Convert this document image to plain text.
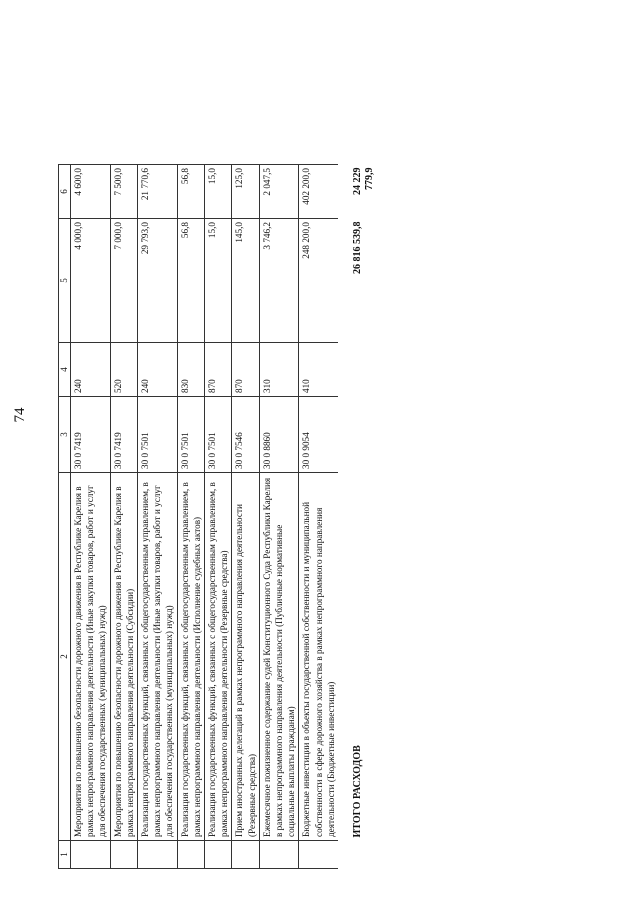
74
1	2	3	4	5	6
	Мероприятия по повышению безопасности дорожного движения в Республике Карелия в рамках непрограммного направления деятельности (Иные закупки товаров, работ и услуг для обеспечения государственных (муниципальных) нужд)	30 0 7419	240	4 000,0	4 600,0
	Мероприятия по повышению безопасности дорожного движения в Республике Карелия в рамках непрограммного направления деятельности (Субсидии)	30 0 7419	520	7 000,0	7 500,0
	Реализация государственных функций, связанных с общегосударственным управлением, в рамках непрограммного направления деятельности (Иные закупки товаров, работ и услуг для обеспечения государственных (муниципальных) нужд)	30 0 7501	240	29 793,0	21 770,6
	Реализация государственных функций, связанных с общегосударственным управлением, в рамках непрограммного направления деятельности (Исполнение судебных актов)	30 0 7501	830	56,8	56,8
	Реализация государственных функций, связанных с общегосударственным управлением, в рамках непрограммного направления деятельности (Резервные средства)	30 0 7501	870	15,0	15,0
	Прием иностранных делегаций в рамках непрограммного направления деятельности (Резервные средства)	30 0 7546	870	145,0	125,0
	Ежемесячное пожизненное содержание судей Конституционного Суда Республики Карелия в рамках непрограммного направления деятельности (Публичные нормативные социальные выплаты гражданам)	30 0 8860	310	3 746,2	2 047,5
	Бюджетные инвестиции в объекты государственной собственности и муниципальной собственности в сфере дорожного хозяйства в рамках непрограммного направления деятельности (Бюджетные инвестиции)	30 0 9054	410	248 200,0	402 200,0
	ИТОГО РАСХОДОВ			26 816 539,8	24 229 779,9
